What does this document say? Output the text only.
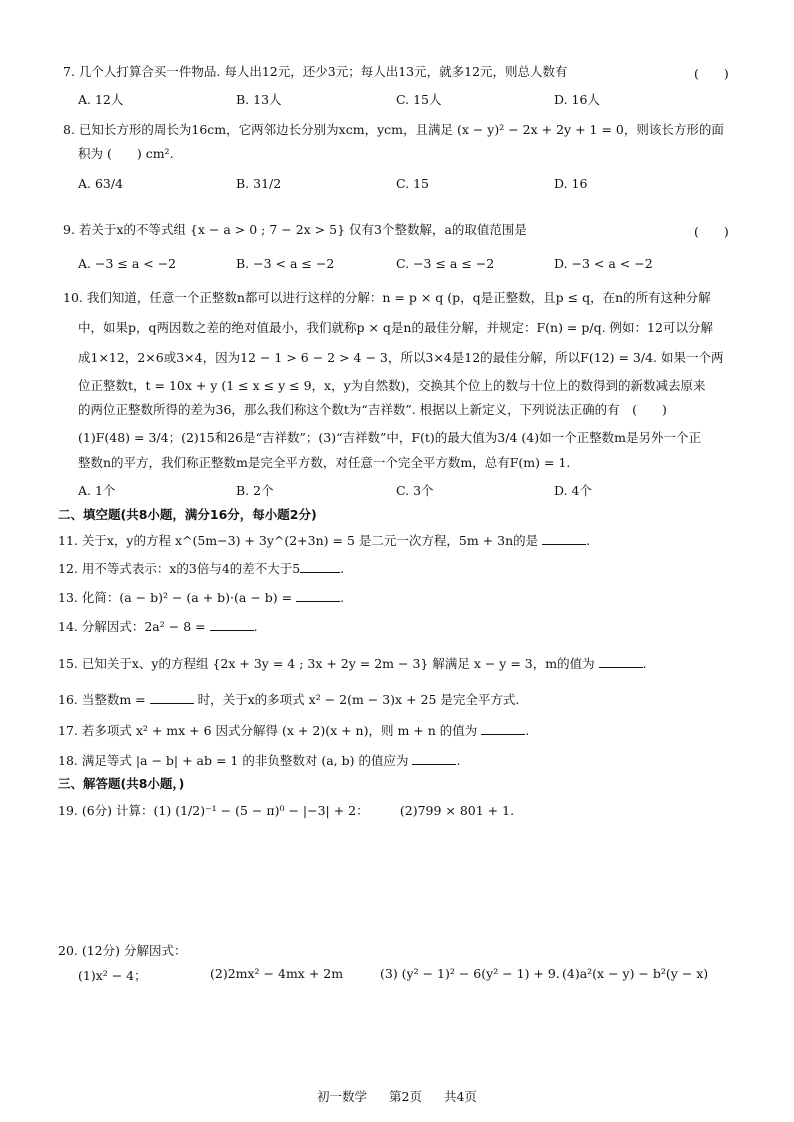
7. 几个人打算合买一件物品. 每人出12元，还少3元；每人出13元，就多12元，则总人数有	(　　)
A. 12人	B. 13人	C. 15人	D. 16人
8. 已知长方形的周长为16cm，它两邻边长分别为xcm，ycm，且满足 (x − y)² − 2x + 2y + 1 = 0，则该长方形的面
积为 (　　) cm².
A. 63/4	B. 31/2	C. 15	D. 16
9. 若关于x的不等式组 {x − a > 0 ; 7 − 2x > 5} 仅有3个整数解，a的取值范围是	(　　)
A. −3 ≤ a < −2	B. −3 < a ≤ −2	C. −3 ≤ a ≤ −2	D. −3 < a < −2
10. 我们知道，任意一个正整数n都可以进行这样的分解：n = p × q (p，q是正整数，且p ≤ q，在n的所有这种分解
中，如果p，q两因数之差的绝对值最小，我们就称p × q是n的最佳分解，并规定：F(n) = p/q. 例如：12可以分解
成1×12，2×6或3×4，因为12 − 1 > 6 − 2 > 4 − 3，所以3×4是12的最佳分解，所以F(12) = 3/4. 如果一个两
位正整数t，t = 10x + y (1 ≤ x ≤ y ≤ 9，x，y为自然数)，交换其个位上的数与十位上的数得到的新数减去原来
的两位正整数所得的差为36，那么我们称这个数t为“吉祥数”. 根据以上新定义，下列说法正确的有　(　　)
(1)F(48) = 3/4；(2)15和26是“吉祥数”；(3)“吉祥数”中，F(t)的最大值为3/4 (4)如一个正整数m是另外一个正
整数n的平方，我们称正整数m是完全平方数，对任意一个完全平方数m，总有F(m) = 1.
A. 1个	B. 2个	C. 3个	D. 4个
二、填空题(共8小题，满分16分，每小题2分)
11. 关于x，y的方程 x^(5m−3) + 3y^(2+3n) = 5 是二元一次方程，5m + 3n的是	.
12. 用不等式表示：x的3倍与4的差不大于5	.
13. 化简：(a − b)² − (a + b)·(a − b) =	.
14. 分解因式：2a² − 8 =	.
15. 已知关于x、y的方程组 {2x + 3y = 4 ; 3x + 2y = 2m − 3} 解满足 x − y = 3，m的值为	.
16. 当整数m =	时，关于x的多项式 x² − 2(m − 3)x + 25 是完全平方式.
17. 若多项式 x² + mx + 6 因式分解得 (x + 2)(x + n)，则 m + n 的值为	.
18. 满足等式 |a − b| + ab = 1 的非负整数对 (a, b) 的值应为	.
三、解答题(共8小题，)
19. (6分) 计算：(1) (1/2)⁻¹ − (5 − π)⁰ − |−3| + 2：　　　(2)799 × 801 + 1.
20. (12分) 分解因式：
(1)x² − 4；	(2)2mx² − 4mx + 2m	(3) (y² − 1)² − 6(y² − 1) + 9. (4)a²(x − y) − b²(y − x)
初一数学 第2页 共4页
